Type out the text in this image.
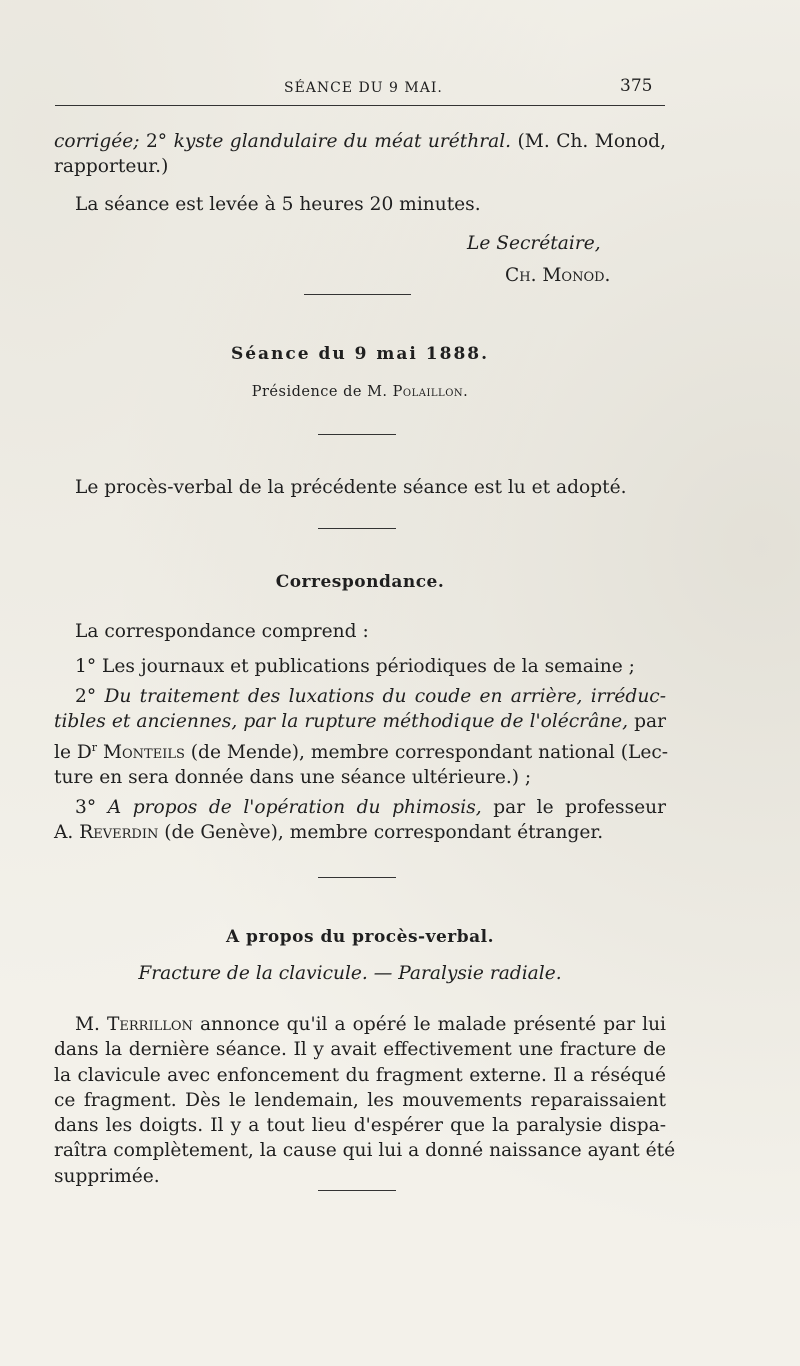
SÉANCE DU 9 MAI.	375
corrigée; 2° kyste glandulaire du méat uréthral. (M. Ch. Monod,
rapporteur.)
La séance est levée à 5 heures 20 minutes.
Le Secrétaire,
Ch. Monod.
Séance du 9 mai 1888.
Présidence de M. Polaillon.
Le procès-verbal de la précédente séance est lu et adopté.
Correspondance.
La correspondance comprend :
1° Les journaux et publications périodiques de la semaine ;
2° Du traitement des luxations du coude en arrière, irréduc-
tibles et anciennes, par la rupture méthodique de l'olécrâne, par
le $D^r$ Monteils (de Mende), membre correspondant national (Lec-
ture en sera donnée dans une séance ultérieure.) ;
3° A propos de l'opération du phimosis, par le professeur
A. Reverdin (de Genève), membre correspondant étranger.
A propos du procès-verbal.
Fracture de la clavicule. — Paralysie radiale.
M. Terrillon annonce qu'il a opéré le malade présenté par lui
dans la dernière séance. Il y avait effectivement une fracture de
la clavicule avec enfoncement du fragment externe. Il a réséqué
ce fragment. Dès le lendemain, les mouvements reparaissaient
dans les doigts. Il y a tout lieu d'espérer que la paralysie dispa-
raîtra complètement, la cause qui lui a donné naissance ayant été
supprimée.
